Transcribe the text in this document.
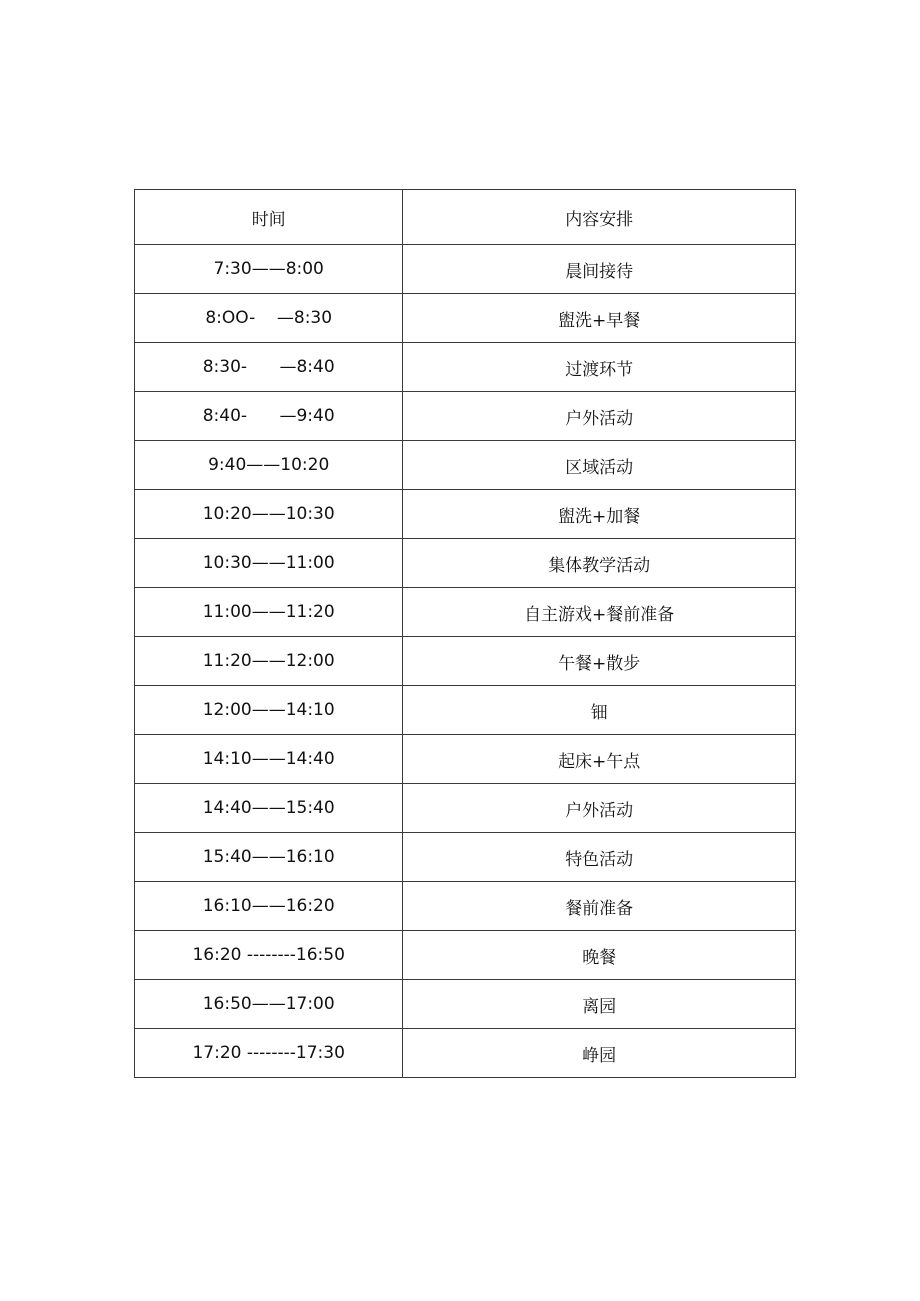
时间	内容安排
7:30——8:00	晨间接待
8:OO-    —8:30	盥洗+早餐
8:30-      —8:40	过渡环节
8:40-      —9:40	户外活动
9:40——10:20	区域活动
10:20——10:30	盥洗+加餐
10:30——11:00	集体教学活动
11:00——11:20	自主游戏+餐前准备
11:20——12:00	午餐+散步
12:00——14:10	钿
14:10——14:40	起床+午点
14:40——15:40	户外活动
15:40——16:10	特色活动
16:10——16:20	餐前准备
16:20 --------16:50	晚餐
16:50——17:00	离园
17:20 --------17:30	峥园
